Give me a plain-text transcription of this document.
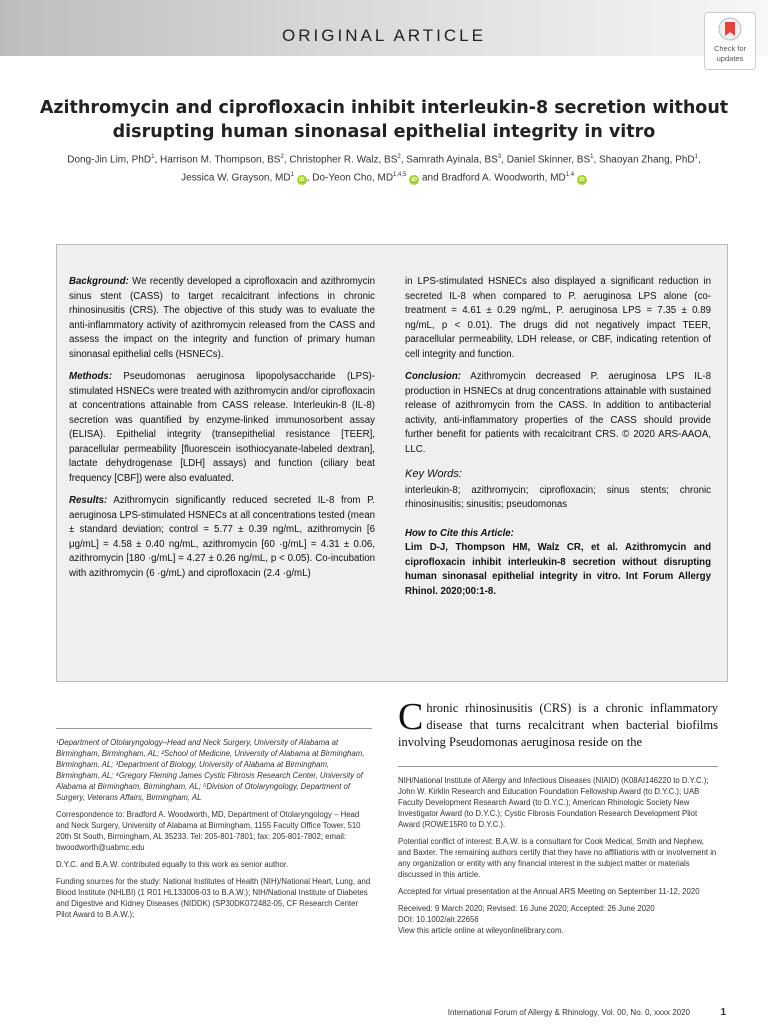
ORIGINAL ARTICLE
Check for
updates
Azithromycin and ciprofloxacin inhibit interleukin-8 secretion without disrupting human sinonasal epithelial integrity in vitro
Dong-Jin Lim, PhD$^1$, Harrison M. Thompson, $BS^2$, Christopher R. Walz, $BS^2$, Samrath Ayinala, $BS^3$, Daniel Skinner, $BS^1$, Shaoyan Zhang, PhD$^1$, Jessica W. Grayson, $MD^1$ iD , Do-Yeon Cho, MD$^{1,4,5}$ iD and Bradford A. Woodworth, MD$^{1,4}$ iD

Background: We recently developed a ciprofloxacin and azithromycin sinus stent (CASS) to target recalcitrant infections in chronic rhinosinusitis (CRS). The objective of this study was to evaluate the anti-inflammatory activity of azithromycin released from the CASS and assess the impact on the integrity and function of primary human sinonasal epithelial cells (HSNECs).

Methods: Pseudomonas aeruginosa lipopolysaccharide (LPS)-stimulated HSNECs were treated with azithromycin and/or ciprofloxacin at concentrations attainable from CASS release. Interleukin-8 (IL-8) secretion was quantified by enzyme-linked immunosorbent assay (ELISA). Epithelial integrity (transepithelial resistance [TEER], paracellular permeability [fluorescein isothiocyanate-labeled dextran], lactate dehydrogenase [LDH] assays) and function (ciliary beat frequency [CBF]) were also evaluated.

Results: Azithromycin significantly reduced secreted IL-8 from P. aeruginosa LPS-stimulated HSNECs at all concentrations tested (mean ± standard deviation; control = 5.77 ± 0.39 ng/mL, azithromycin [6 μg/mL] = 4.58 ± 0.40 ng/mL, azithromycin [60 ·g/mL] = 4.31 ± 0.06, azithromycin [180 ·g/mL] = 4.27 ± 0.26 ng/mL, p < 0.05). Co-incubation with azithromycin (6 ·g/mL) and ciprofloxacin (2.4 ·g/mL)

in LPS-stimulated HSNECs also displayed a significant reduction in secreted IL-8 when compared to P. aeruginosa LPS alone (co-treatment = 4.61 ± 0.29 ng/mL, P. aeruginosa LPS = 7.35 ± 0.89 ng/mL, p < 0.01). The drugs did not negatively impact TEER, paracellular permeability, LDH release, or CBF, indicating retention of cell integrity and function.

Conclusion: Azithromycin decreased P. aeruginosa LPS IL-8 production in HSNECs at drug concentrations attainable with sustained release of azithromycin from the CASS. In addition to antibacterial activity, anti-inflammatory properties of the CASS should provide further benefit for patients with recalcitrant CRS. © 2020 ARS-AAOA, LLC.

Key Words:
interleukin-8; azithromycin; ciprofloxacin; sinus stents; chronic rhinosinusitis; sinusitis; pseudomonas
How to Cite this Article:
Lim D-J, Thompson HM, Walz CR, et al. Azithromycin and ciprofloxacin inhibit interleukin-8 secretion without disrupting human sinonasal epithelial integrity in vitro. Int Forum Allergy Rhinol. 2020;00:1-8.

¹Department of Otolaryngology–Head and Neck Surgery, University of Alabama at Birmingham, Birmingham, AL; ²School of Medicine, University of Alabama at Birmingham, Birmingham, AL; ³Department of Biology, University of Alabama at Birmingham, Birmingham, AL; ⁴Gregory Fleming James Cystic Fibrosis Research Center, University of Alabama at Birmingham, Birmingham, AL; ⁵Division of Otolaryngology, Department of Surgery, Veterans Affairs, Birmingham, AL

Correspondence to: Bradford A. Woodworth, MD, Department of Otolaryngology – Head and Neck Surgery, University of Alabama at Birmingham, 1155 Faculty Office Tower, 510 20th St South, Birmingham, AL 35233. Tel: 205-801-7801; fax: 205-801-7802; email: bwoodworth@uabmc.edu

D.Y.C. and B.A.W. contributed equally to this work as senior author.

Funding sources for the study: National Institutes of Health (NIH)/National Heart, Lung, and Blood Institute (NHLBI) (1 R01 HL133006-03 to B.A.W.); NIH/National Institute of Diabetes and Digestive and Kidney Diseases (NIDDK) (SP30DK072482-05, CF Research Center Pilot Award to B.A.W.);

Chronic rhinosinusitis (CRS) is a chronic inflammatory disease that turns recalcitrant when bacterial biofilms involving Pseudomonas aeruginosa reside on the

NIH/National Institute of Allergy and Infectious Diseases (NIAID) (K08AI146220 to D.Y.C.); John W. Kirklin Research and Education Foundation Fellowship Award (to D.Y.C.); UAB Faculty Development Research Award (to D.Y.C.); American Rhinologic Society New Investigator Award (to D.Y.C.); Cystic Fibrosis Foundation Research Development Pilot Award (ROWE15R0 to D.Y.C.).

Potential conflict of interest: B.A.W. is a consultant for Cook Medical, Smith and Nephew, and Baxter. The remaining authors certify that they have no affiliations with or involvement in any organization or entity with any financial interest in the subject matter or materials discussed in this article.

Accepted for virtual presentation at the Annual ARS Meeting on September 11-12, 2020

Received: 9 March 2020; Revised: 16 June 2020; Accepted: 26 June 2020
DOI: 10.1002/alr.22656
View this article online at wileyonlinelibrary.com.
International Forum of Allergy & Rhinology, Vol. 00, No. 0, xxxx 2020	1
